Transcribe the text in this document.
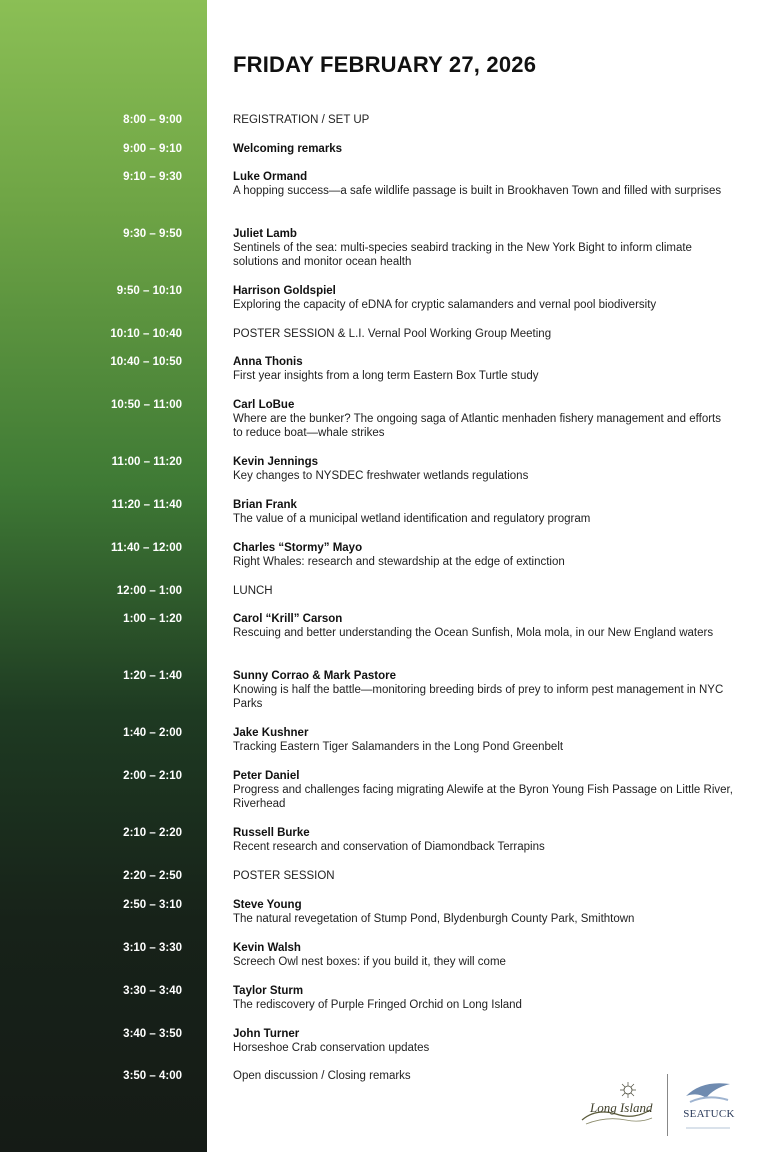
FRIDAY FEBRUARY 27, 2026
8:00 – 9:00	REGISTRATION / SET UP
9:00 – 9:10	Welcoming remarks
9:10 – 9:30	Luke Ormand
A hopping success—a safe wildlife passage is built in Brookhaven Town and filled with surprises
9:30 – 9:50	Juliet Lamb
Sentinels of the sea: multi-species seabird tracking in the New York Bight to inform climate solutions and monitor ocean health
9:50 – 10:10	Harrison Goldspiel
Exploring the capacity of eDNA for cryptic salamanders and vernal pool biodiversity
10:10 – 10:40	POSTER SESSION & L.I. Vernal Pool Working Group Meeting
10:40 – 10:50	Anna Thonis
First year insights from a long term Eastern Box Turtle study
10:50 – 11:00	Carl LoBue
Where are the bunker? The ongoing saga of Atlantic menhaden fishery management and efforts to reduce boat—whale strikes
11:00 – 11:20	Kevin Jennings
Key changes to NYSDEC freshwater wetlands regulations
11:20 – 11:40	Brian Frank
The value of a municipal wetland identification and regulatory program
11:40 – 12:00	Charles “Stormy” Mayo
Right Whales: research and stewardship at the edge of extinction
12:00 – 1:00	LUNCH
1:00 – 1:20	Carol “Krill” Carson
Rescuing and better understanding the Ocean Sunfish, Mola mola, in our New England waters
1:20 – 1:40	Sunny Corrao & Mark Pastore
Knowing is half the battle—monitoring breeding birds of prey to inform pest management in NYC Parks
1:40 – 2:00	Jake Kushner
Tracking Eastern Tiger Salamanders in the Long Pond Greenbelt
2:00 – 2:10	Peter Daniel
Progress and challenges facing migrating Alewife at the Byron Young Fish Passage on Little River, Riverhead
2:10 – 2:20	Russell Burke
Recent research and conservation of Diamondback Terrapins
2:20 – 2:50	POSTER SESSION
2:50 – 3:10	Steve Young
The natural revegetation of Stump Pond, Blydenburgh County Park, Smithtown
3:10 – 3:30	Kevin Walsh
Screech Owl nest boxes: if you build it, they will come
3:30 – 3:40	Taylor Sturm
The rediscovery of Purple Fringed Orchid on Long Island
3:40 – 3:50	John Turner
Horseshoe Crab conservation updates
3:50 – 4:00	Open discussion / Closing remarks
Long Island	SEATUCK
